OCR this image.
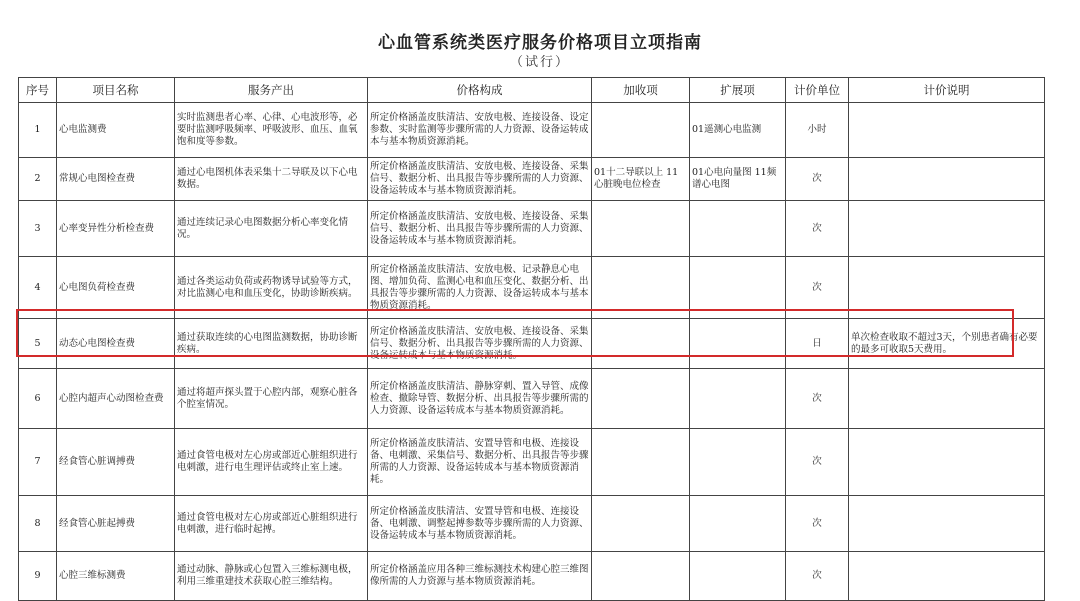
心血管系统类医疗服务价格项目立项指南
（试行）
序号	项目名称	服务产出	价格构成	加收项	扩展项	计价单位	计价说明
1	心电监测费	实时监测患者心率、心律、心电波形等，必要时监测呼吸频率、呼吸波形、血压、血氧饱和度等参数。	所定价格涵盖皮肤清洁、安放电极、连接设备、设定参数、实时监测等步骤所需的人力资源、设备运转成本与基本物质资源消耗。		01遥测心电监测	小时	
2	常规心电图检查费	通过心电图机体表采集十二导联及以下心电数据。	所定价格涵盖皮肤清洁、安放电极、连接设备、采集信号、数据分析、出具报告等步骤所需的人力资源、设备运转成本与基本物质资源消耗。	01十二导联以上 11心脏晚电位检查	01心电向量图 11频谱心电图	次	
3	心率变异性分析检查费	通过连续记录心电图数据分析心率变化情况。	所定价格涵盖皮肤清洁、安放电极、连接设备、采集信号、数据分析、出具报告等步骤所需的人力资源、设备运转成本与基本物质资源消耗。			次	
4	心电图负荷检查费	通过各类运动负荷或药物诱导试验等方式，对比监测心电和血压变化，协助诊断疾病。	所定价格涵盖皮肤清洁、安放电极、记录静息心电图、增加负荷、监测心电和血压变化、数据分析、出具报告等步骤所需的人力资源、设备运转成本与基本物质资源消耗。			次	
5	动态心电图检查费	通过获取连续的心电图监测数据，协助诊断疾病。	所定价格涵盖皮肤清洁、安放电极、连接设备、采集信号、数据分析、出具报告等步骤所需的人力资源、设备运转成本与基本物质资源消耗。			日	单次检查收取不超过3天，个别患者确有必要的最多可收取5天费用。
6	心腔内超声心动图检查费	通过将超声探头置于心腔内部，观察心脏各个腔室情况。	所定价格涵盖皮肤清洁、静脉穿刺、置入导管、成像检查、撤除导管、数据分析、出具报告等步骤所需的人力资源、设备运转成本与基本物质资源消耗。			次	
7	经食管心脏调搏费	通过食管电极对左心房或部近心脏组织进行电刺激，进行电生理评估或终止室上速。	所定价格涵盖皮肤清洁、安置导管和电极、连接设备、电刺激、采集信号、数据分析、出具报告等步骤所需的人力资源、设备运转成本与基本物质资源消耗。			次	
8	经食管心脏起搏费	通过食管电极对左心房或部近心脏组织进行电刺激，进行临时起搏。	所定价格涵盖皮肤清洁、安置导管和电极、连接设备、电刺激、调整起搏参数等步骤所需的人力资源、设备运转成本与基本物质资源消耗。			次	
9	心腔三维标测费	通过动脉、静脉或心包置入三维标测电极，利用三维重建技术获取心腔三维结构。	所定价格涵盖应用各种三维标测技术构建心腔三维图像所需的人力资源与基本物质资源消耗。			次	
